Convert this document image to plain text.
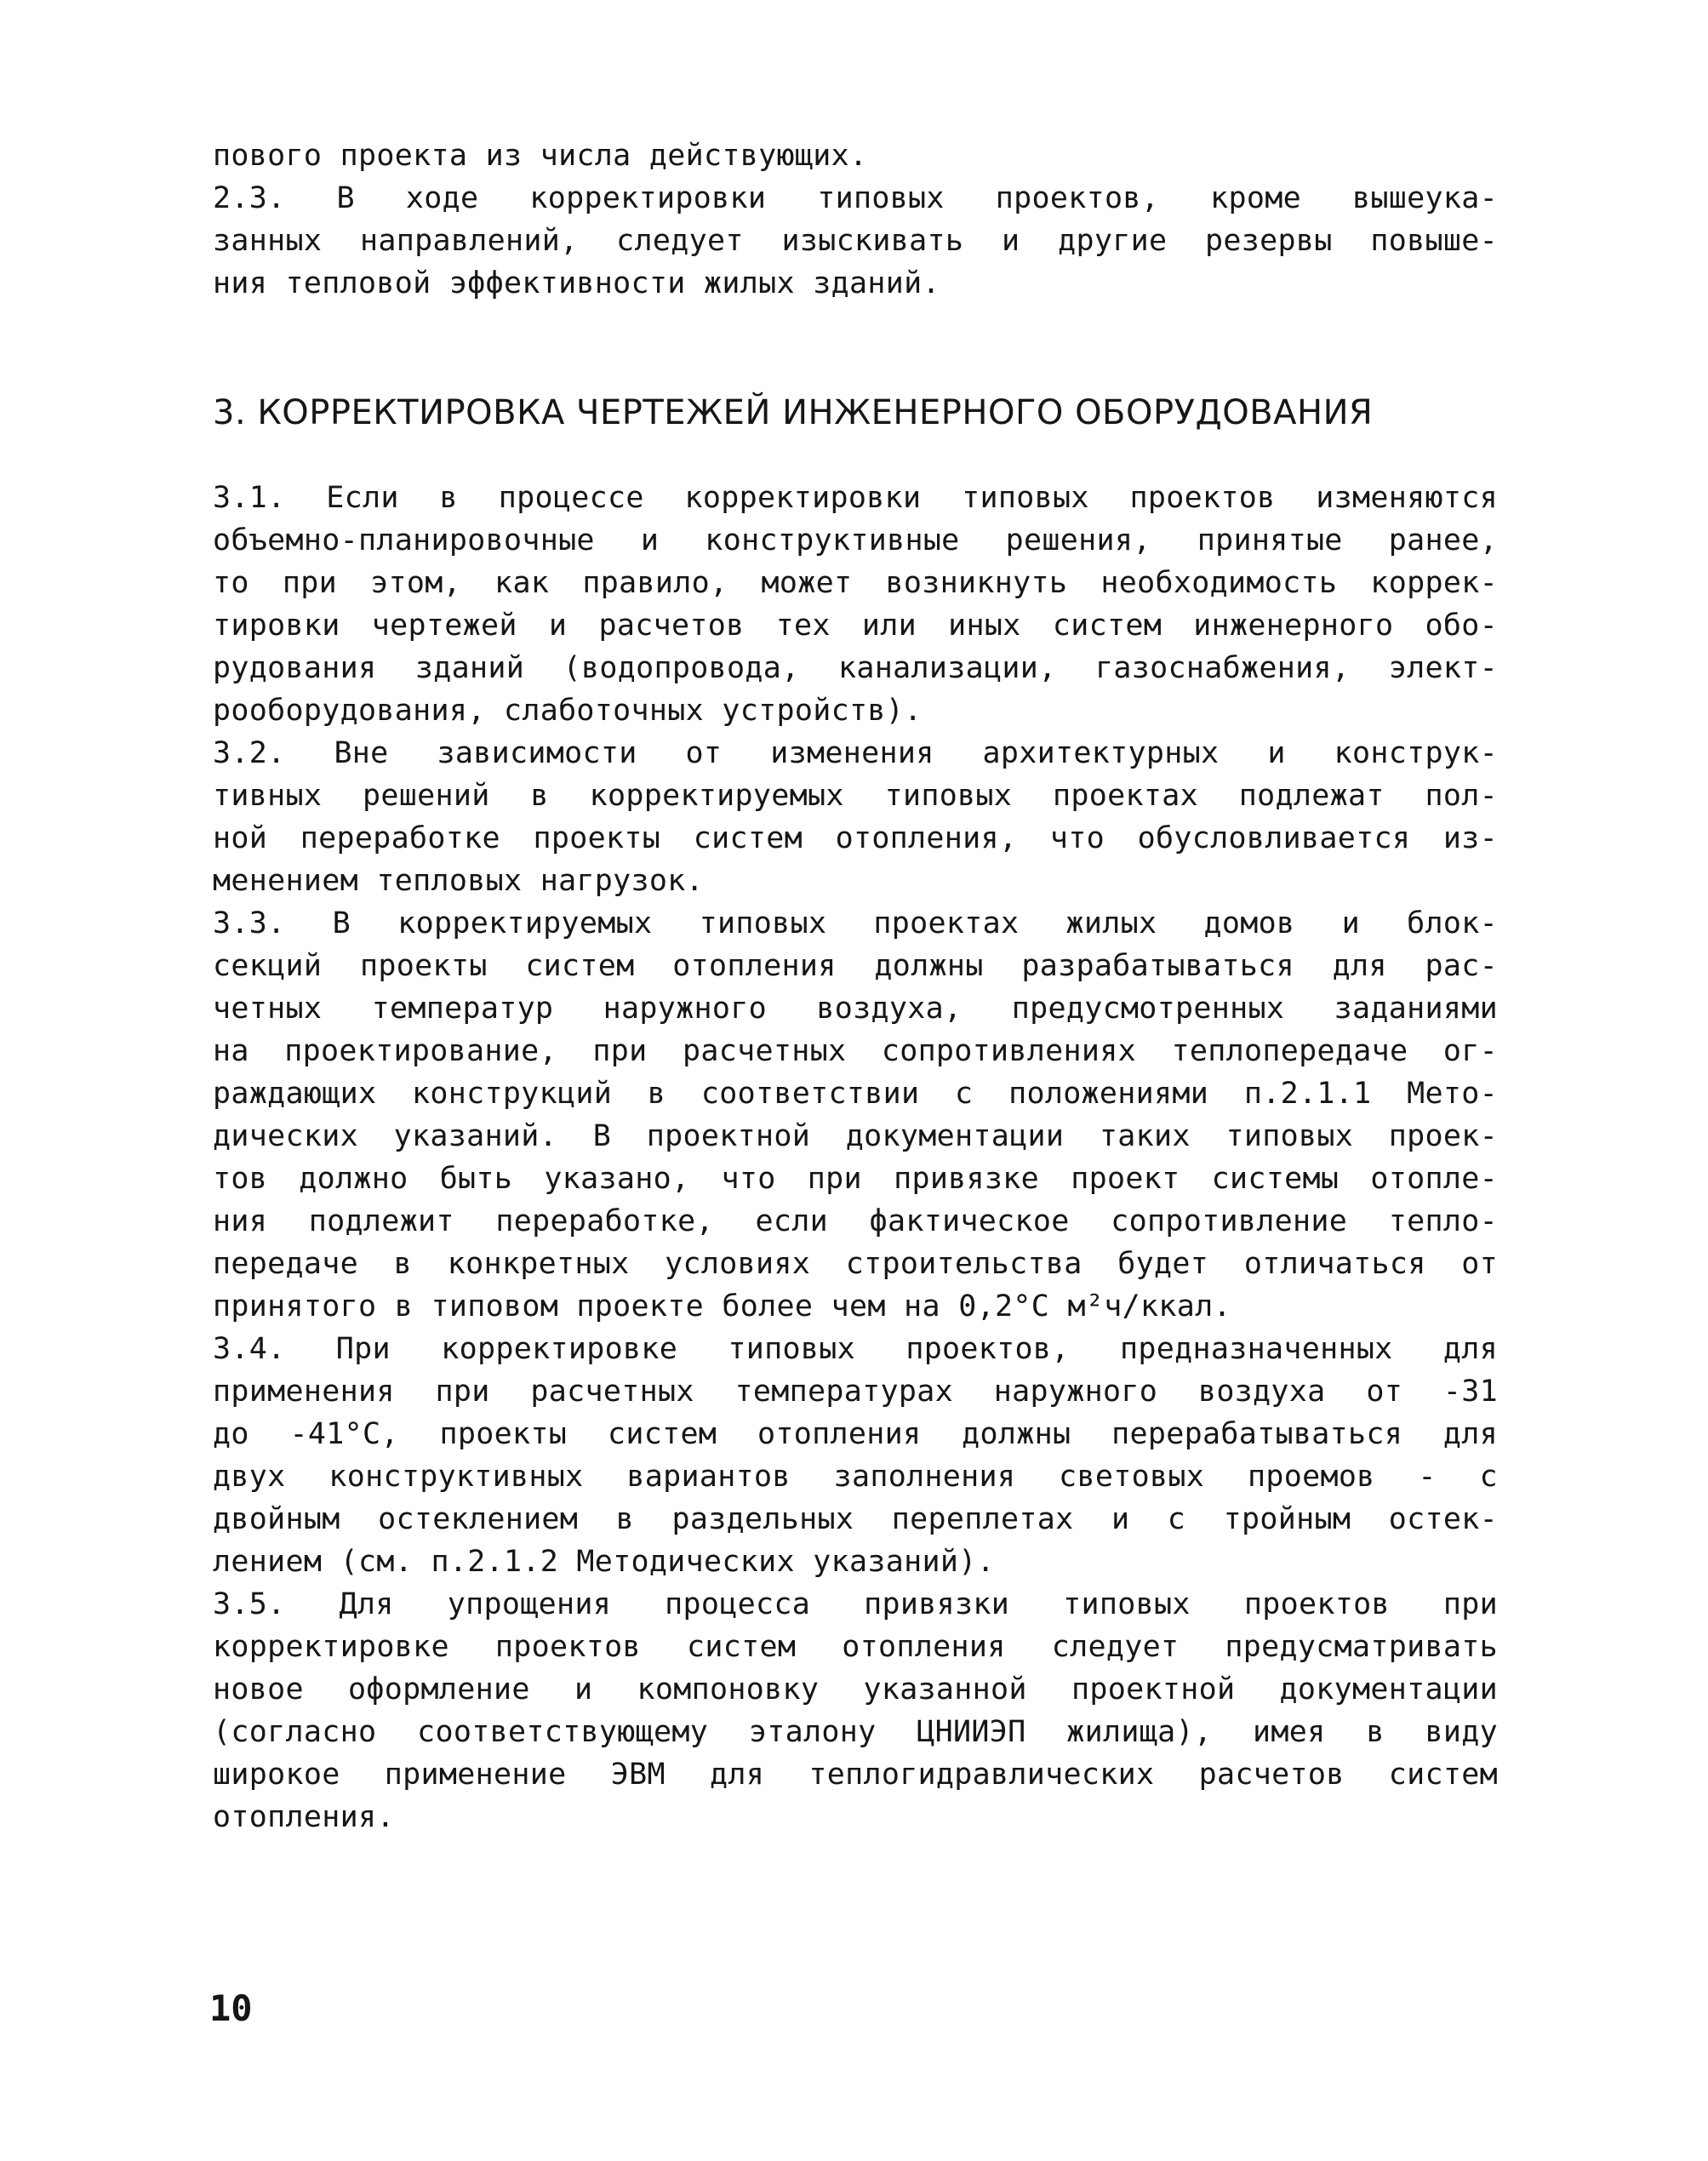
пового проекта из числа действующих.
2.3. В ходе корректировки типовых проектов, кроме вышеука-
занных направлений, следует изыскивать и другие резервы повыше-
ния тепловой эффективности жилых зданий.
3. КОРРЕКТИРОВКА ЧЕРТЕЖЕЙ ИНЖЕНЕРНОГО ОБОРУДОВАНИЯ
3.1. Если в процессе корректировки типовых проектов изменяются
объемно-планировочные и конструктивные решения, принятые ранее,
то при этом, как правило, может возникнуть необходимость коррек-
тировки чертежей и расчетов тех или иных систем инженерного обо-
рудования зданий (водопровода, канализации, газоснабжения, элект-
рооборудования, слаботочных устройств).
3.2. Вне зависимости от изменения архитектурных и конструк-
тивных решений в корректируемых типовых проектах подлежат пол-
ной переработке проекты систем отопления, что обусловливается из-
менением тепловых нагрузок.
3.3. В корректируемых типовых проектах жилых домов и блок-
секций проекты систем отопления должны разрабатываться для рас-
четных температур наружного воздуха, предусмотренных заданиями
на проектирование, при расчетных сопротивлениях теплопередаче ог-
раждающих конструкций в соответствии с положениями п.2.1.1 Мето-
дических указаний. В проектной документации таких типовых проек-
тов должно быть указано, что при привязке проект системы отопле-
ния подлежит переработке, если фактическое сопротивление тепло-
передаче в конкретных условиях строительства будет отличаться от
принятого в типовом проекте более чем на 0,2°С м²ч/ккал.
3.4. При корректировке типовых проектов, предназначенных для
применения при расчетных температурах наружного воздуха от -31
до -41°С, проекты систем отопления должны перерабатываться для
двух конструктивных вариантов заполнения световых проемов - с
двойным остеклением в раздельных переплетах и с тройным остек-
лением (см. п.2.1.2 Методических указаний).
3.5. Для упрощения процесса привязки типовых проектов при
корректировке проектов систем отопления следует предусматривать
новое оформление и компоновку указанной проектной документации
(согласно соответствующему эталону ЦНИИЭП жилища), имея в виду
широкое применение ЭВМ для теплогидравлических расчетов систем
отопления.
10
